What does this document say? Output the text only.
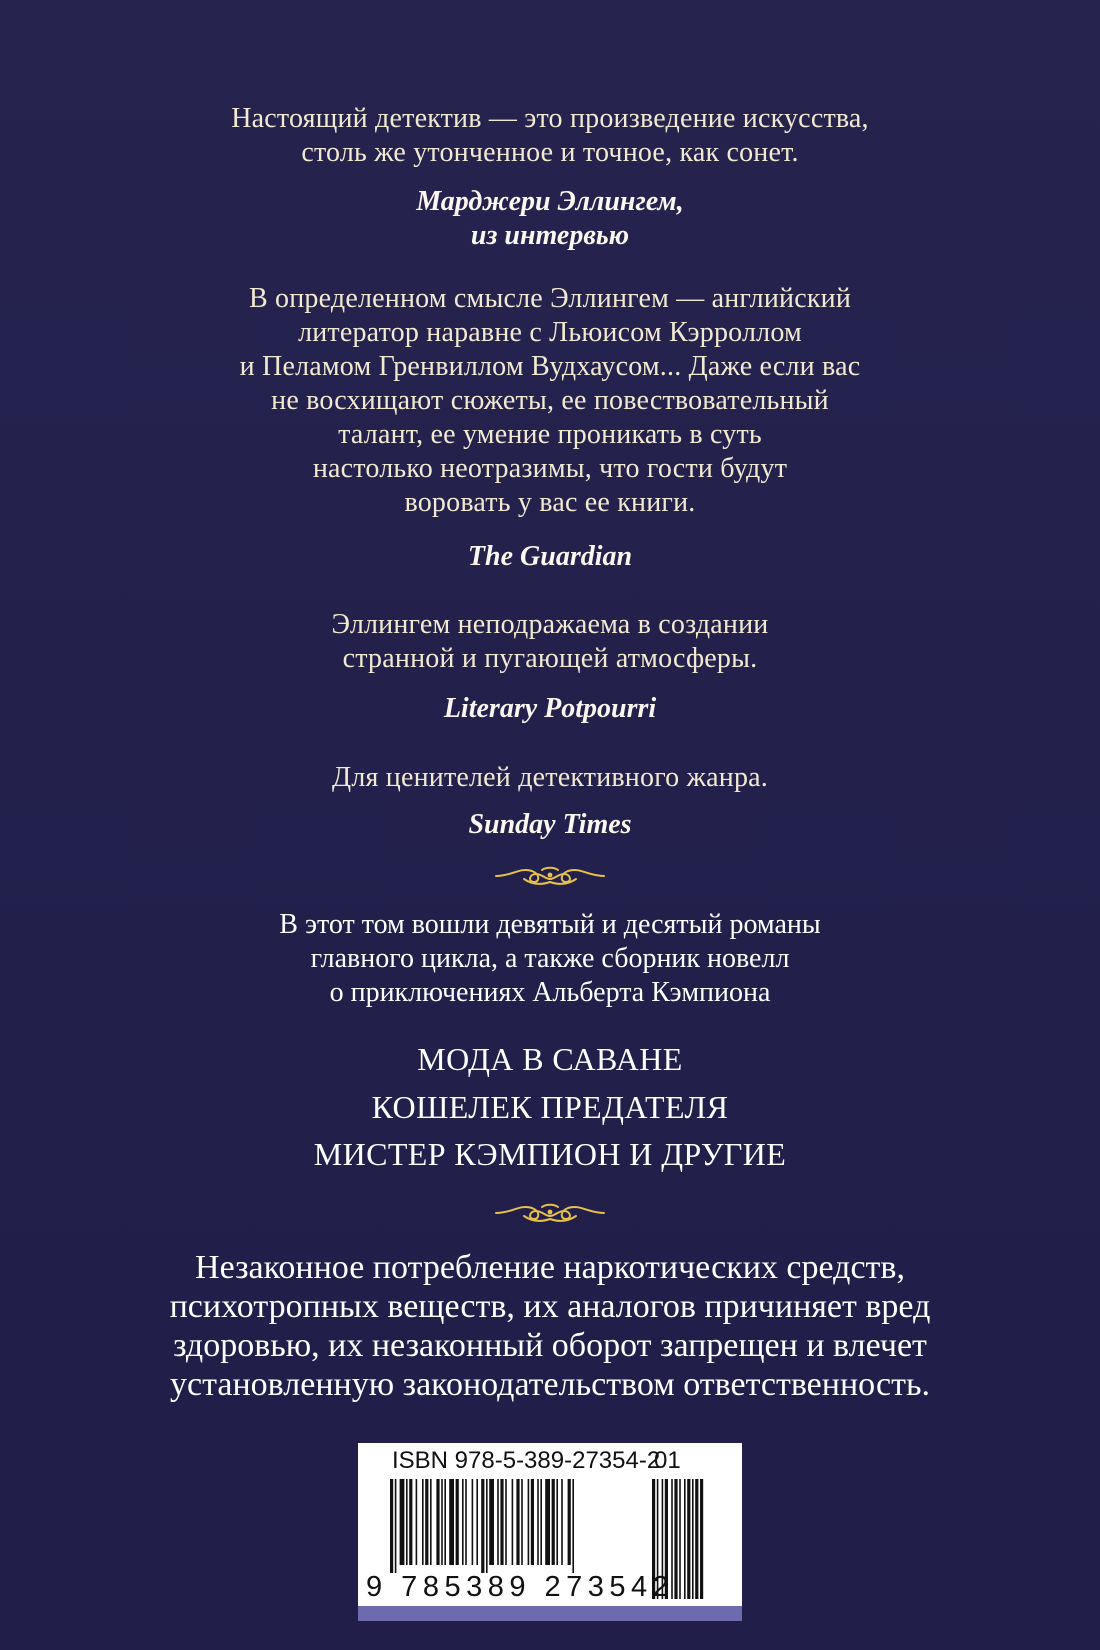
Настоящий детектив — это произведение искусства,
столь же утонченное и точное, как сонет.

Марджери Эллингем,
из интервью

В определенном смысле Эллингем — английский
литератор наравне с Льюисом Кэрроллом
и Пеламом Гренвиллом Вудхаусом... Даже если вас
не восхищают сюжеты, ее повествовательный
талант, ее умение проникать в суть
настолько неотразимы, что гости будут
воровать у вас ее книги.

The Guardian

Эллингем неподражаема в создании
странной и пугающей атмосферы.

Literary Potpourri

Для ценителей детективного жанра.

Sunday Times

В этот том вошли девятый и десятый романы
главного цикла, а также сборник новелл
о приключениях Альберта Кэмпиона

МОДА В САВАНЕ

КОШЕЛЕК ПРЕДАТЕЛЯ

МИСТЕР КЭМПИОН И ДРУГИЕ

Незаконное потребление наркотических средств,
психотропных веществ, их аналогов причиняет вред
здоровью, их незаконный оборот запрещен и влечет
установленную законодательством ответственность.

ISBN 978-5-389-27354-2
01
9 785389 273542
